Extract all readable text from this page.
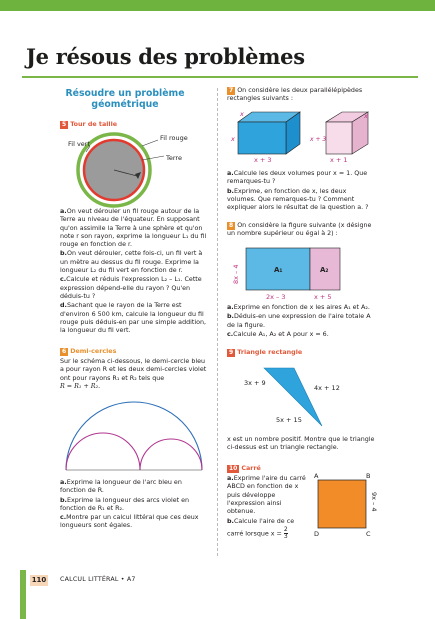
Je résous des problèmes
Résoudre un problème
géométrique
5 Tour de taille
Fil rouge
Fil vert
Terre

a.On veut dérouler un fil rouge autour de la Terre au niveau de l'équateur. En supposant qu'on assimile la Terre à une sphère et qu'on note r son rayon, exprime la longueur L₁ du fil rouge en fonction de r.

b.On veut dérouler, cette fois-ci, un fil vert à un mètre au dessus du fil rouge. Exprime la longueur L₂ du fil vert en fonction de r.

c.Calcule et réduis l'expression L₂ – L₁. Cette expression dépend-elle du rayon ? Qu'en déduis-tu ?

d.Sachant que le rayon de la Terre est d'environ 6 500 km, calcule la longueur du fil rouge puis déduis-en par une simple addition, la longueur du fil vert.

6 Demi-cercles

Sur le schéma ci-dessous, le demi-cercle bleu a pour rayon R et les deux demi-cercles violet ont pour rayons R₁ et R₂ tels que

R = R₁ + R₂.

a.Exprime la longueur de l'arc bleu en fonction de R.

b.Exprime la longueur des arcs violet en fonction de R₁ et R₂.

c.Montre par un calcul littéral que ces deux longueurs sont égales.

7 On considère les deux parallélépipèdes rectangles suivants :
x
x
x + 3
x + 3
x
x + 1

a.Calcule les deux volumes pour x = 1. Que remarques-tu ?

b.Exprime, en fonction de x, les deux volumes. Que remarques-tu ? Comment expliquer alors le résultat de la question a. ?

8 On considère la figure suivante (x désigne un nombre supérieur ou égal à 2) :
A₁	A₂
8x – 4
2x – 3	x + 5

a.Exprime en fonction de x les aires A₁ et A₂.

b.Déduis-en une expression de l'aire totale A de la figure.

c.Calcule A₁, A₂ et A pour x = 6.

9 Triangle rectangle
3x + 9
4x + 12
5x + 15

x est un nombre positif. Montre que le triangle ci-dessus est un triangle rectangle.

10 Carré

a.Exprime l'aire du carré ABCD en fonction de x puis développe l'expression ainsi obtenue.

b.Calcule l'aire de ce carré lorsque $x = \frac{2}{3}$

A	B
C
D
9x – 4
110 CALCUL LITTÉRAL • A7
